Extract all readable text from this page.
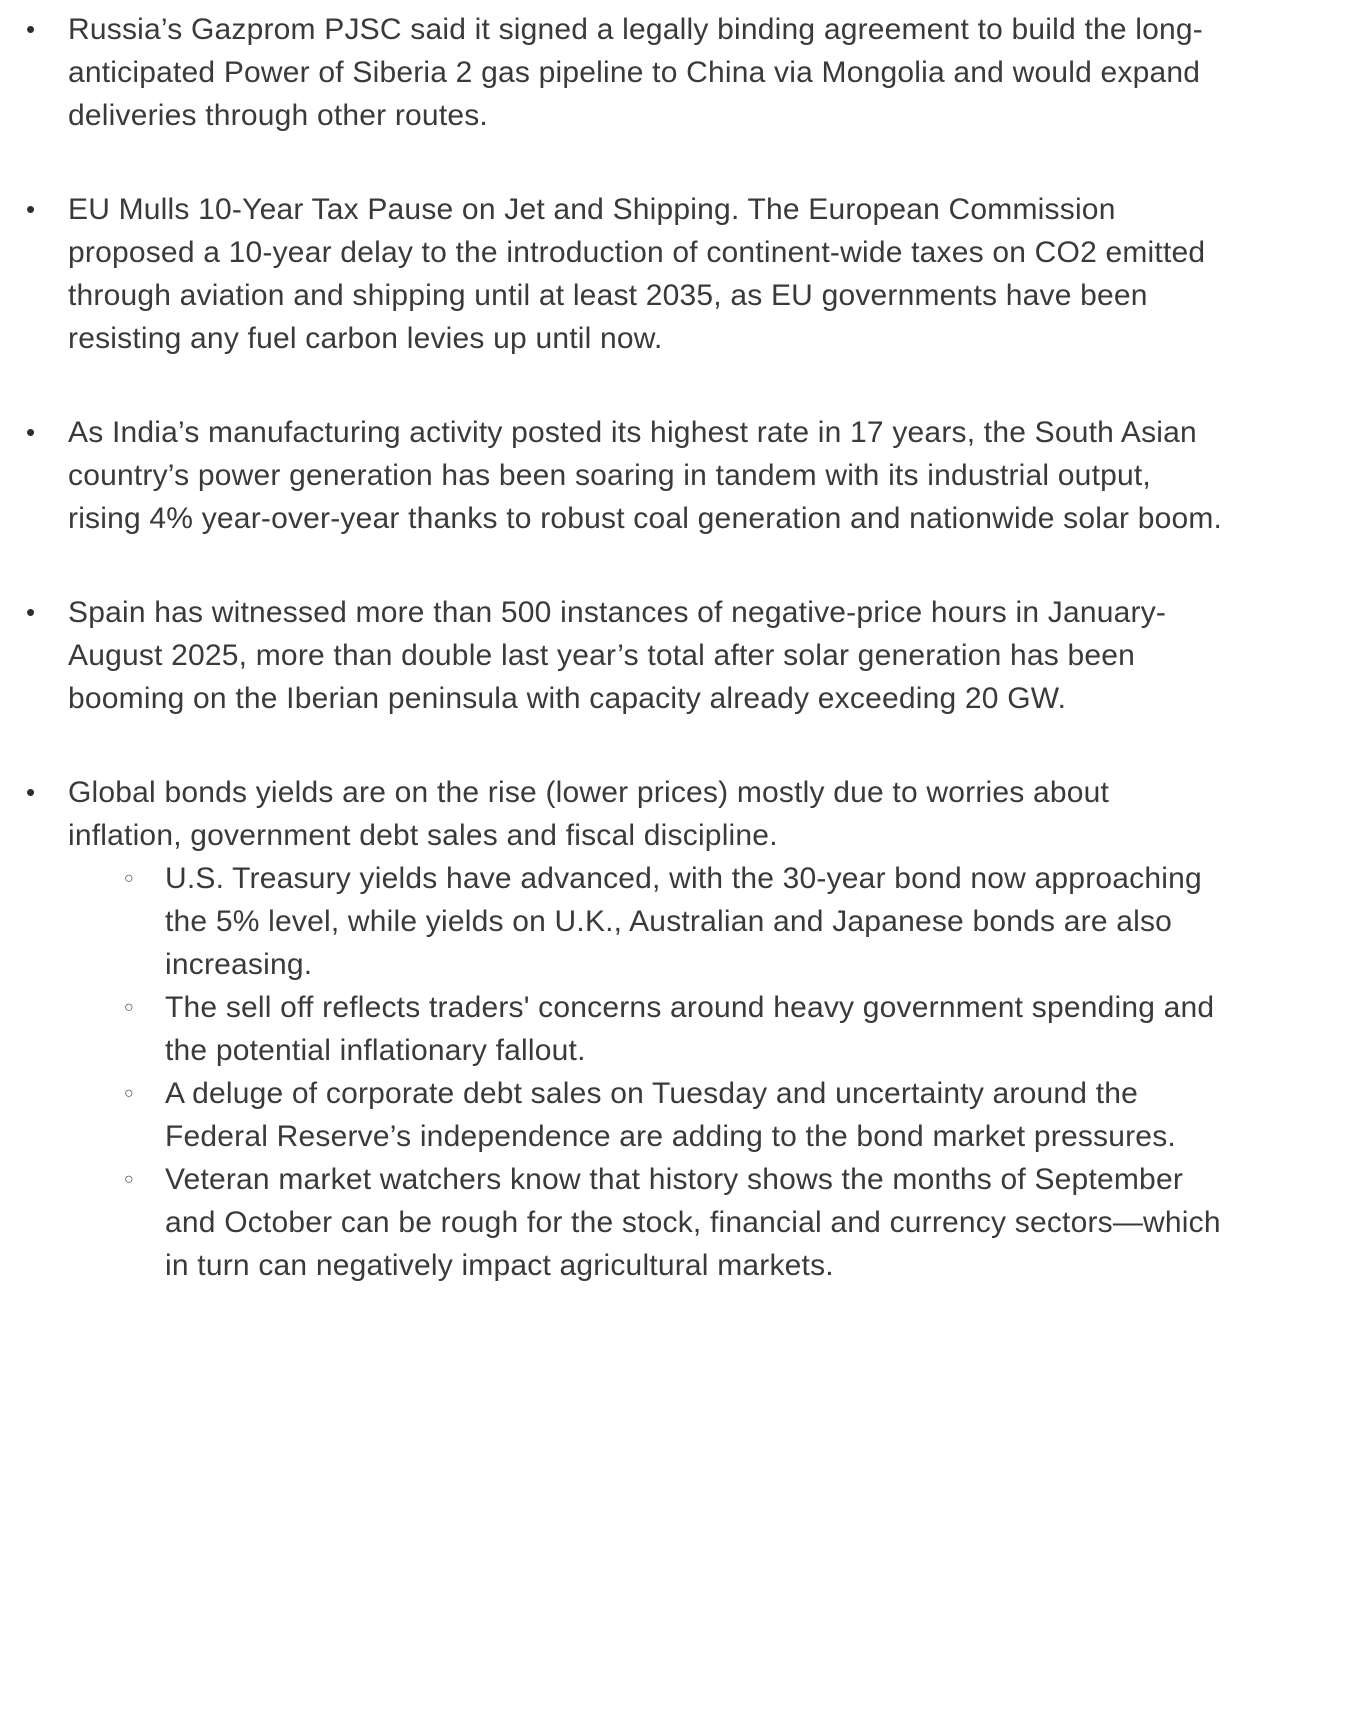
•	Russia’s Gazprom PJSC said it signed a legally binding agreement to build the long-anticipated Power of Siberia 2 gas pipeline to China via Mongolia and would expand deliveries through other routes.

•	EU Mulls 10-Year Tax Pause on Jet and Shipping. The European Commission proposed a 10-year delay to the introduction of continent-wide taxes on CO2 emitted through aviation and shipping until at least 2035, as EU governments have been resisting any fuel carbon levies up until now.

•	As India’s manufacturing activity posted its highest rate in 17 years, the South Asian country’s power generation has been soaring in tandem with its industrial output, rising 4% year-over-year thanks to robust coal generation and nationwide solar boom.

•	Spain has witnessed more than 500 instances of negative-price hours in January-August 2025, more than double last year’s total after solar generation has been booming on the Iberian peninsula with capacity already exceeding 20 GW.

•	Global bonds yields are on the rise (lower prices) mostly due to worries about inflation, government debt sales and fiscal discipline.

○	U.S. Treasury yields have advanced, with the 30-year bond now approaching the 5% level, while yields on U.K., Australian and Japanese bonds are also increasing.

○	The sell off reflects traders' concerns around heavy government spending and the potential inflationary fallout.

○	A deluge of corporate debt sales on Tuesday and uncertainty around the Federal Reserve’s independence are adding to the bond market pressures.

○	Veteran market watchers know that history shows the months of September and October can be rough for the stock, financial and currency sectors—which in turn can negatively impact agricultural markets.
